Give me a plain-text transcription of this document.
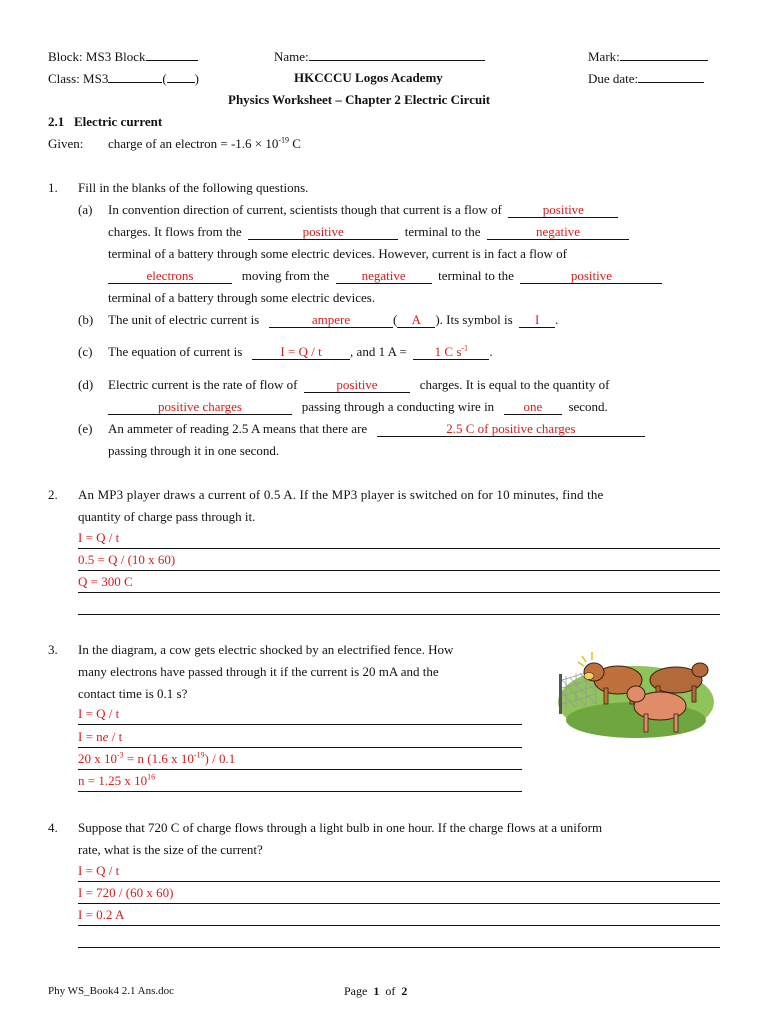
Block: MS3 Block	Name:	Mark:
Class: MS3	( )	HKCCCU Logos Academy	Due date:
Physics Worksheet – Chapter 2 Electric Circuit
2.1 Electric current
Given: charge of an electron = $-1.6 \times 10^{-19}$ C
1. Fill in the blanks of the following questions.
(a) In convention direction of current, scientists though that current is a flow of	positive
charges. It flows from the	positive	terminal to the	negative
terminal of a battery through some electric devices. However, current is in fact a flow of
electrons	moving from the negative terminal to the	positive
terminal of a battery through some electric devices.
(b) The unit of electric current is	ampere	( A ). Its symbol is I .
(c) The equation of current is	I = Q / t , and 1 A = 1 C $s^{-1}$ .
(d) Electric current is the rate of flow of	positive	charges. It is equal to the quantity of
positive charges	passing through a conducting wire in one second.
(e) An ammeter of reading 2.5 A means that there are	2.5 C of positive charges
passing through it in one second.
2. An MP3 player draws a current of 0.5 A. If the MP3 player is switched on for 10 minutes, find the
quantity of charge pass through it.
I = Q / t
0.5 = Q / (10 x 60)
Q = 300 C
3. In the diagram, a cow gets electric shocked by an electrified fence. How
many electrons have passed through it if the current is 20 mA and the
contact time is 0.1 s?
I = Q / t
I = ne / t
20 x $10^{-3} = n$ (1.6 x $10^{-19}) / 0.1$
n = 1.25 x $10^{16}$
4. Suppose that 720 C of charge flows through a light bulb in one hour. If the charge flows at a uniform
rate, what is the size of the current?
I = Q / t
I = 720 / (60 x 60)
I = 0.2 A
Phy WS_Book4 2.1 Ans.doc	Page 1 of 2
